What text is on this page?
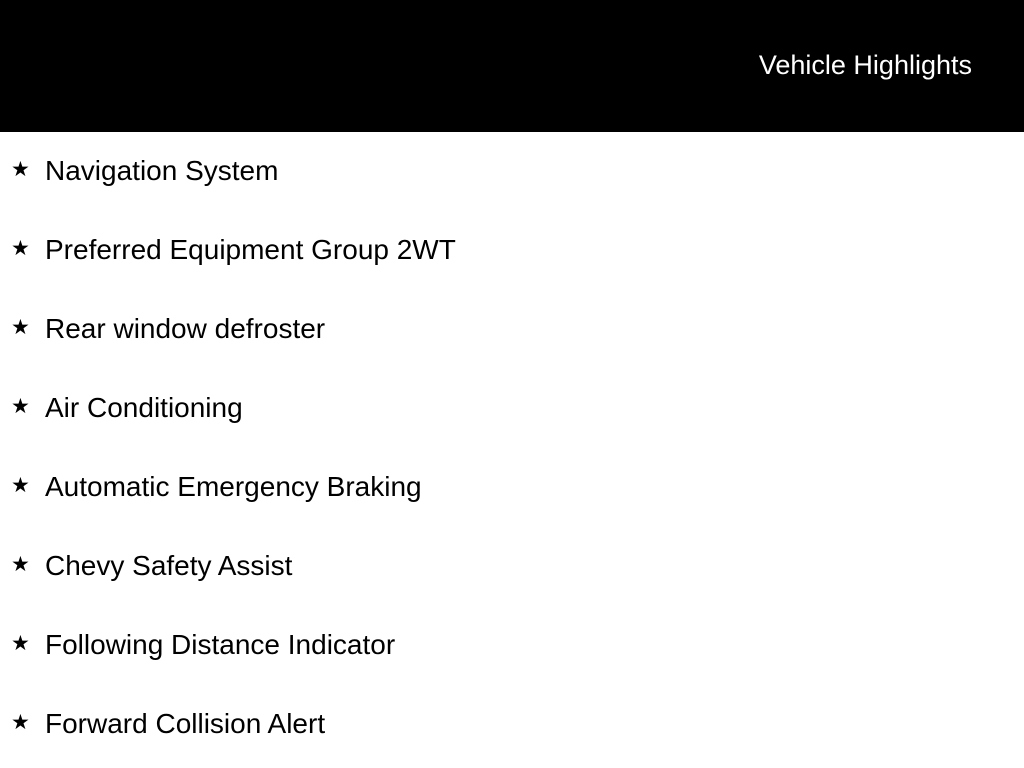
Vehicle Highlights
★ Navigation System
★ Preferred Equipment Group 2WT
★ Rear window defroster
★ Air Conditioning
★ Automatic Emergency Braking
★ Chevy Safety Assist
★ Following Distance Indicator
★ Forward Collision Alert
